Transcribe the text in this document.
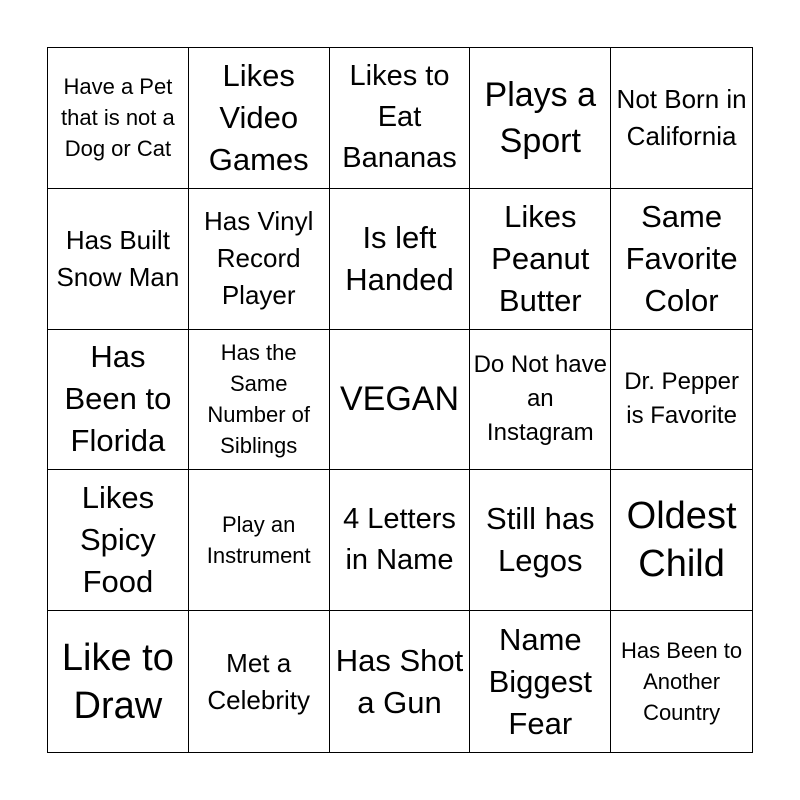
Have a Pet that is not a Dog or Cat
Likes Video Games
Likes to Eat Bananas
Plays a Sport
Not Born in California
Has Built Snow Man
Has Vinyl Record Player
Is left Handed
Likes Peanut Butter
Same Favorite Color
Has Been to Florida
Has the Same Number of Siblings
VEGAN
Do Not have an Instagram
Dr. Pepper is Favorite
Likes Spicy Food
Play an Instrument
4 Letters in Name
Still has Legos
Oldest Child
Like to Draw
Met a Celebrity
Has Shot a Gun
Name Biggest Fear
Has Been to Another Country
